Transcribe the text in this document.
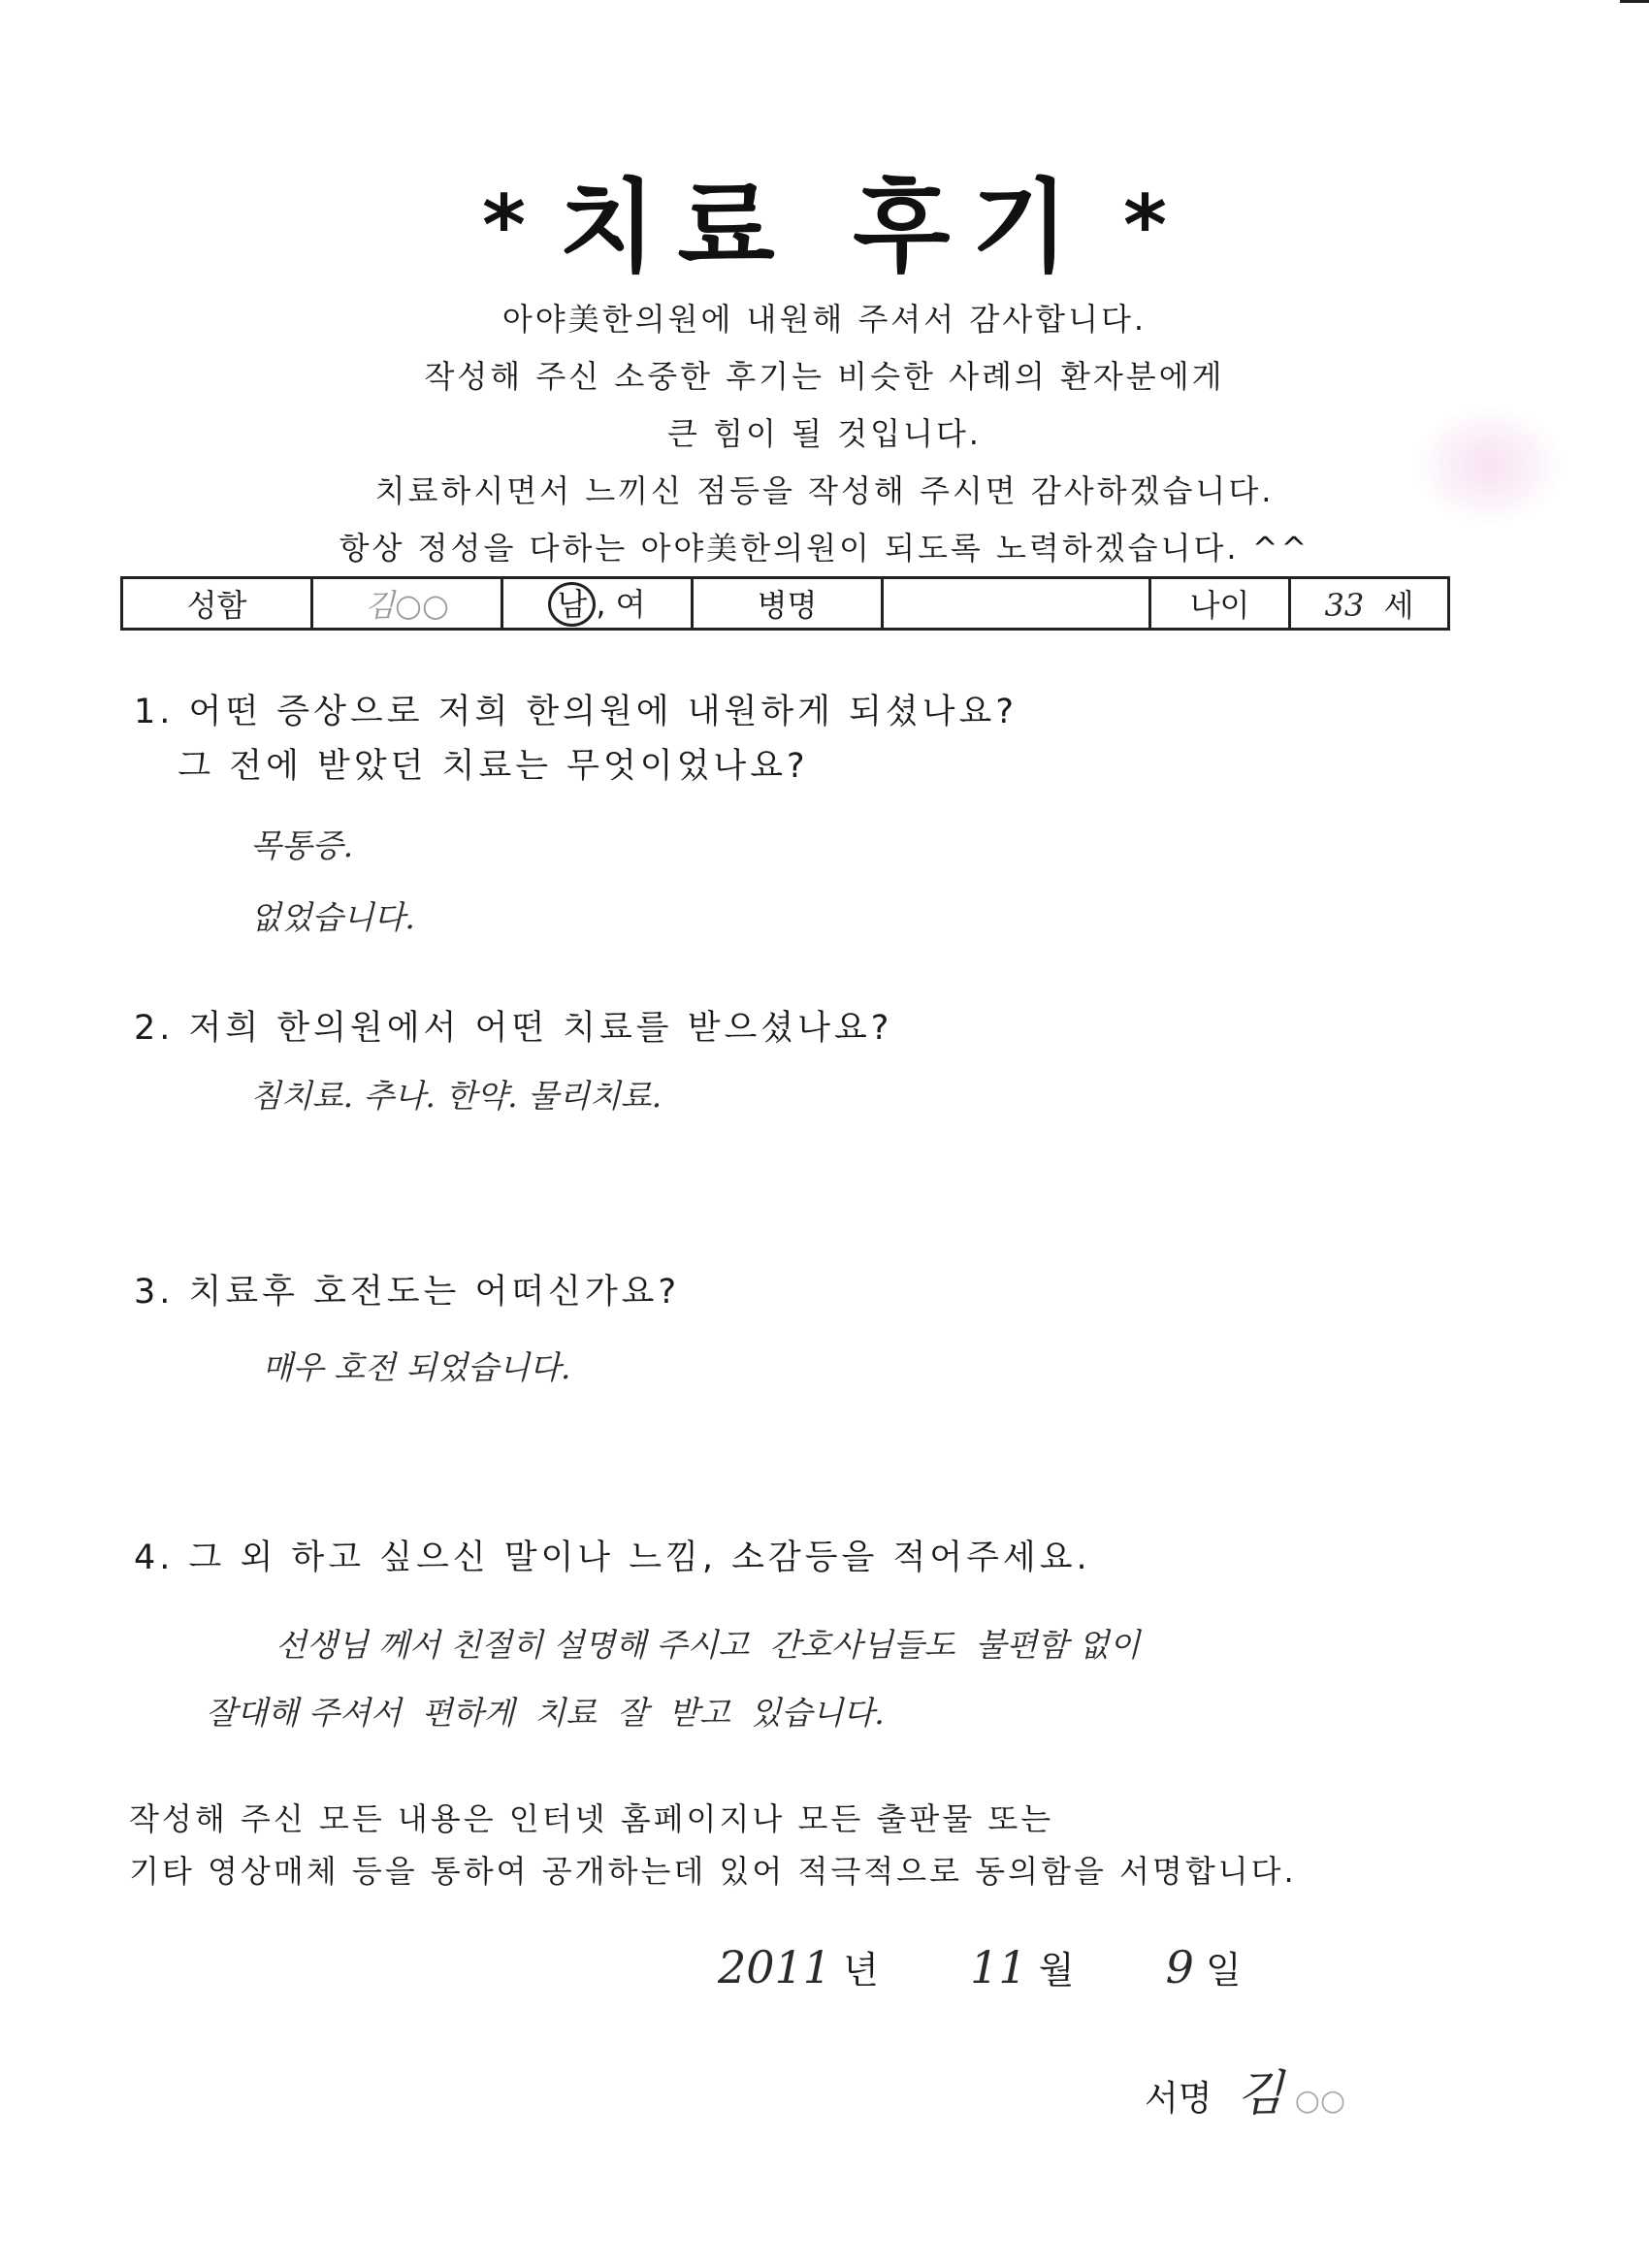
* 치료 후기 *
아야美한의원에 내원해 주셔서 감사합니다.
작성해 주신 소중한 후기는 비슷한 사례의 환자분에게
큰 힘이 될 것입니다.
치료하시면서 느끼신 점등을 작성해 주시면 감사하겠습니다.
항상 정성을 다하는 아야美한의원이 되도록 노력하겠습니다. ^^
성함	김○○	남 , 여	병명		나이	33 세
1. 어떤 증상으로 저희 한의원에 내원하게 되셨나요?
그 전에 받았던 치료는 무엇이었나요?
목통증.
없었습니다.
2. 저희 한의원에서 어떤 치료를 받으셨나요?
침치료. 추나. 한약. 물리치료.
3. 치료후 호전도는 어떠신가요?
매우 호전 되었습니다.
4. 그 외 하고 싶으신 말이나 느낌, 소감등을 적어주세요.
선생님 께서 친절히 설명해 주시고  간호사님들도  불편함 없이
잘대해 주셔서  편하게  치료  잘  받고  있습니다.
작성해 주신 모든 내용은 인터넷 홈페이지나 모든 출판물 또는
기타 영상매체 등을 통하여 공개하는데 있어 적극적으로 동의함을 서명합니다.
2011 년 11 월 9 일
서명 김 ○○
